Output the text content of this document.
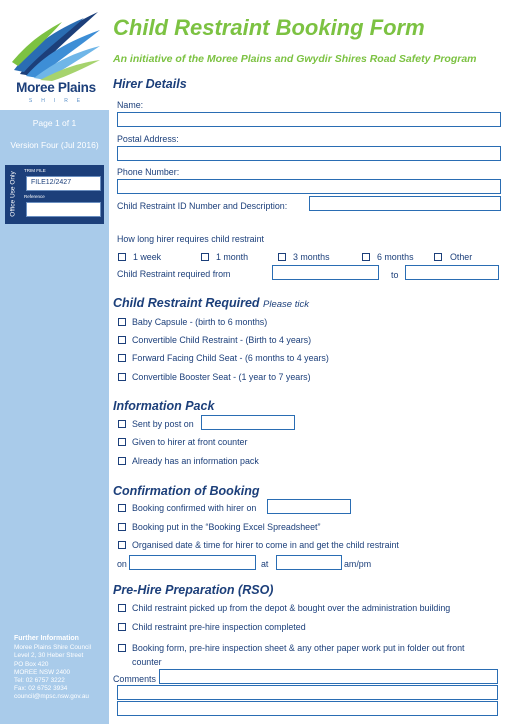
Moree Plains
SHIRE
Page 1 of 1
Version Four (Jul 2016)
Office Use Only
TRIM FILE
FILE12/2427
Reference
Further Information
Moree Plains Shire Council
Level 2, 30 Heber Street
PO Box 420
MOREE NSW 2400
Tel: 02 6757 3222
Fax: 02 6752 3934
council@mpsc.nsw.gov.au
Child Restraint Booking Form
An initiative of the Moree Plains and Gwydir Shires Road Safety Program
Hirer Details
Name:
Postal Address:
Phone Number:
Child Restraint ID Number and Description:
How long hirer requires child restraint
1 week	1 month	3 months	6 months	Other
Child Restraint required from	to
Child Restraint Required Please tick
Baby Capsule - (birth to 6 months)
Convertible Child Restraint - (Birth to 4 years)
Forward Facing Child Seat - (6 months to 4 years)
Convertible Booster Seat - (1 year to 7 years)
Information Pack
Sent by post on
Given to hirer at front counter
Already has an information pack
Confirmation of Booking
Booking confirmed with hirer on
Booking put in the “Booking Excel Spreadsheet”
Organised date & time for hirer to come in and get the child restraint
on	at	am/pm
Pre-Hire Preparation (RSO)
Child restraint picked up from the depot & bought over the administration building
Child restraint pre-hire inspection completed
Booking form, pre-hire inspection sheet & any other paper work put in folder out front
counter
Comments
